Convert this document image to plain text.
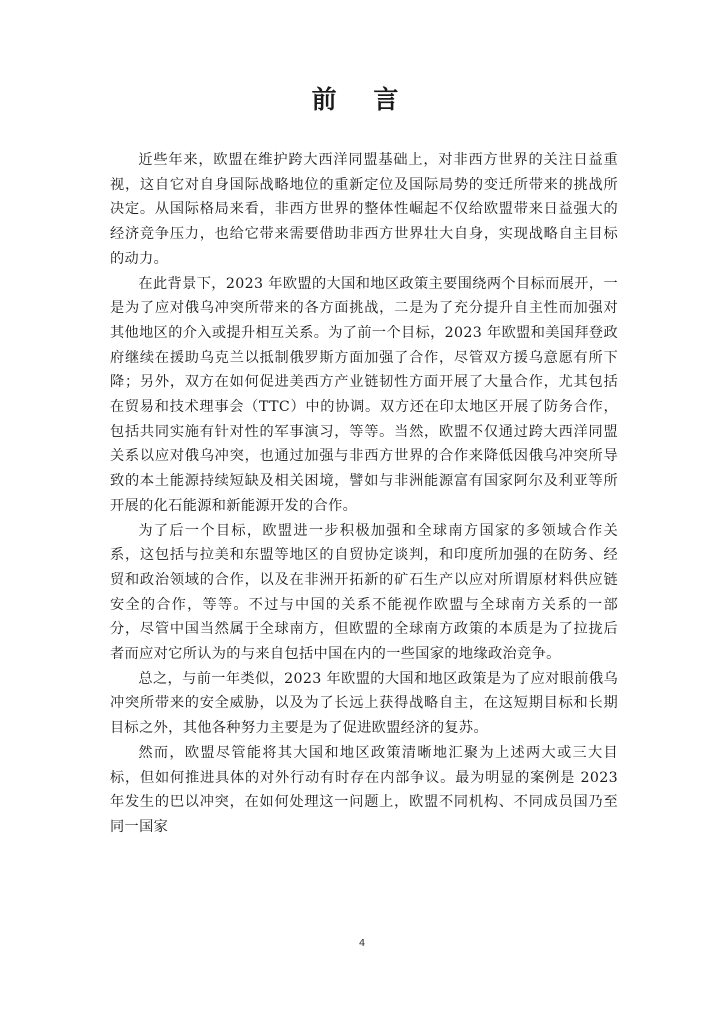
前 言

近些年来，欧盟在维护跨大西洋同盟基础上，对非西方世界的关注日益重视，这自它对自身国际战略地位的重新定位及国际局势的变迁所带来的挑战所决定。从国际格局来看，非西方世界的整体性崛起不仅给欧盟带来日益强大的经济竞争压力，也给它带来需要借助非西方世界壮大自身，实现战略自主目标的动力。

在此背景下，2023 年欧盟的大国和地区政策主要围绕两个目标而展开，一是为了应对俄乌冲突所带来的各方面挑战，二是为了充分提升自主性而加强对其他地区的介入或提升相互关系。为了前一个目标，2023 年欧盟和美国拜登政府继续在援助乌克兰以抵制俄罗斯方面加强了合作，尽管双方援乌意愿有所下降；另外，双方在如何促进美西方产业链韧性方面开展了大量合作，尤其包括在贸易和技术理事会（TTC）中的协调。双方还在印太地区开展了防务合作，包括共同实施有针对性的军事演习，等等。当然，欧盟不仅通过跨大西洋同盟关系以应对俄乌冲突，也通过加强与非西方世界的合作来降低因俄乌冲突所导致的本土能源持续短缺及相关困境，譬如与非洲能源富有国家阿尔及利亚等所开展的化石能源和新能源开发的合作。

为了后一个目标，欧盟进一步积极加强和全球南方国家的多领域合作关系，这包括与拉美和东盟等地区的自贸协定谈判，和印度所加强的在防务、经贸和政治领域的合作，以及在非洲开拓新的矿石生产以应对所谓原材料供应链安全的合作，等等。不过与中国的关系不能视作欧盟与全球南方关系的一部分，尽管中国当然属于全球南方，但欧盟的全球南方政策的本质是为了拉拢后者而应对它所认为的与来自包括中国在内的一些国家的地缘政治竞争。

总之，与前一年类似，2023 年欧盟的大国和地区政策是为了应对眼前俄乌冲突所带来的安全威胁，以及为了长远上获得战略自主，在这短期目标和长期目标之外，其他各种努力主要是为了促进欧盟经济的复苏。

然而，欧盟尽管能将其大国和地区政策清晰地汇聚为上述两大或三大目标，但如何推进具体的对外行动有时存在内部争议。最为明显的案例是 2023 年发生的巴以冲突，在如何处理这一问题上，欧盟不同机构、不同成员国乃至同一国家

4
